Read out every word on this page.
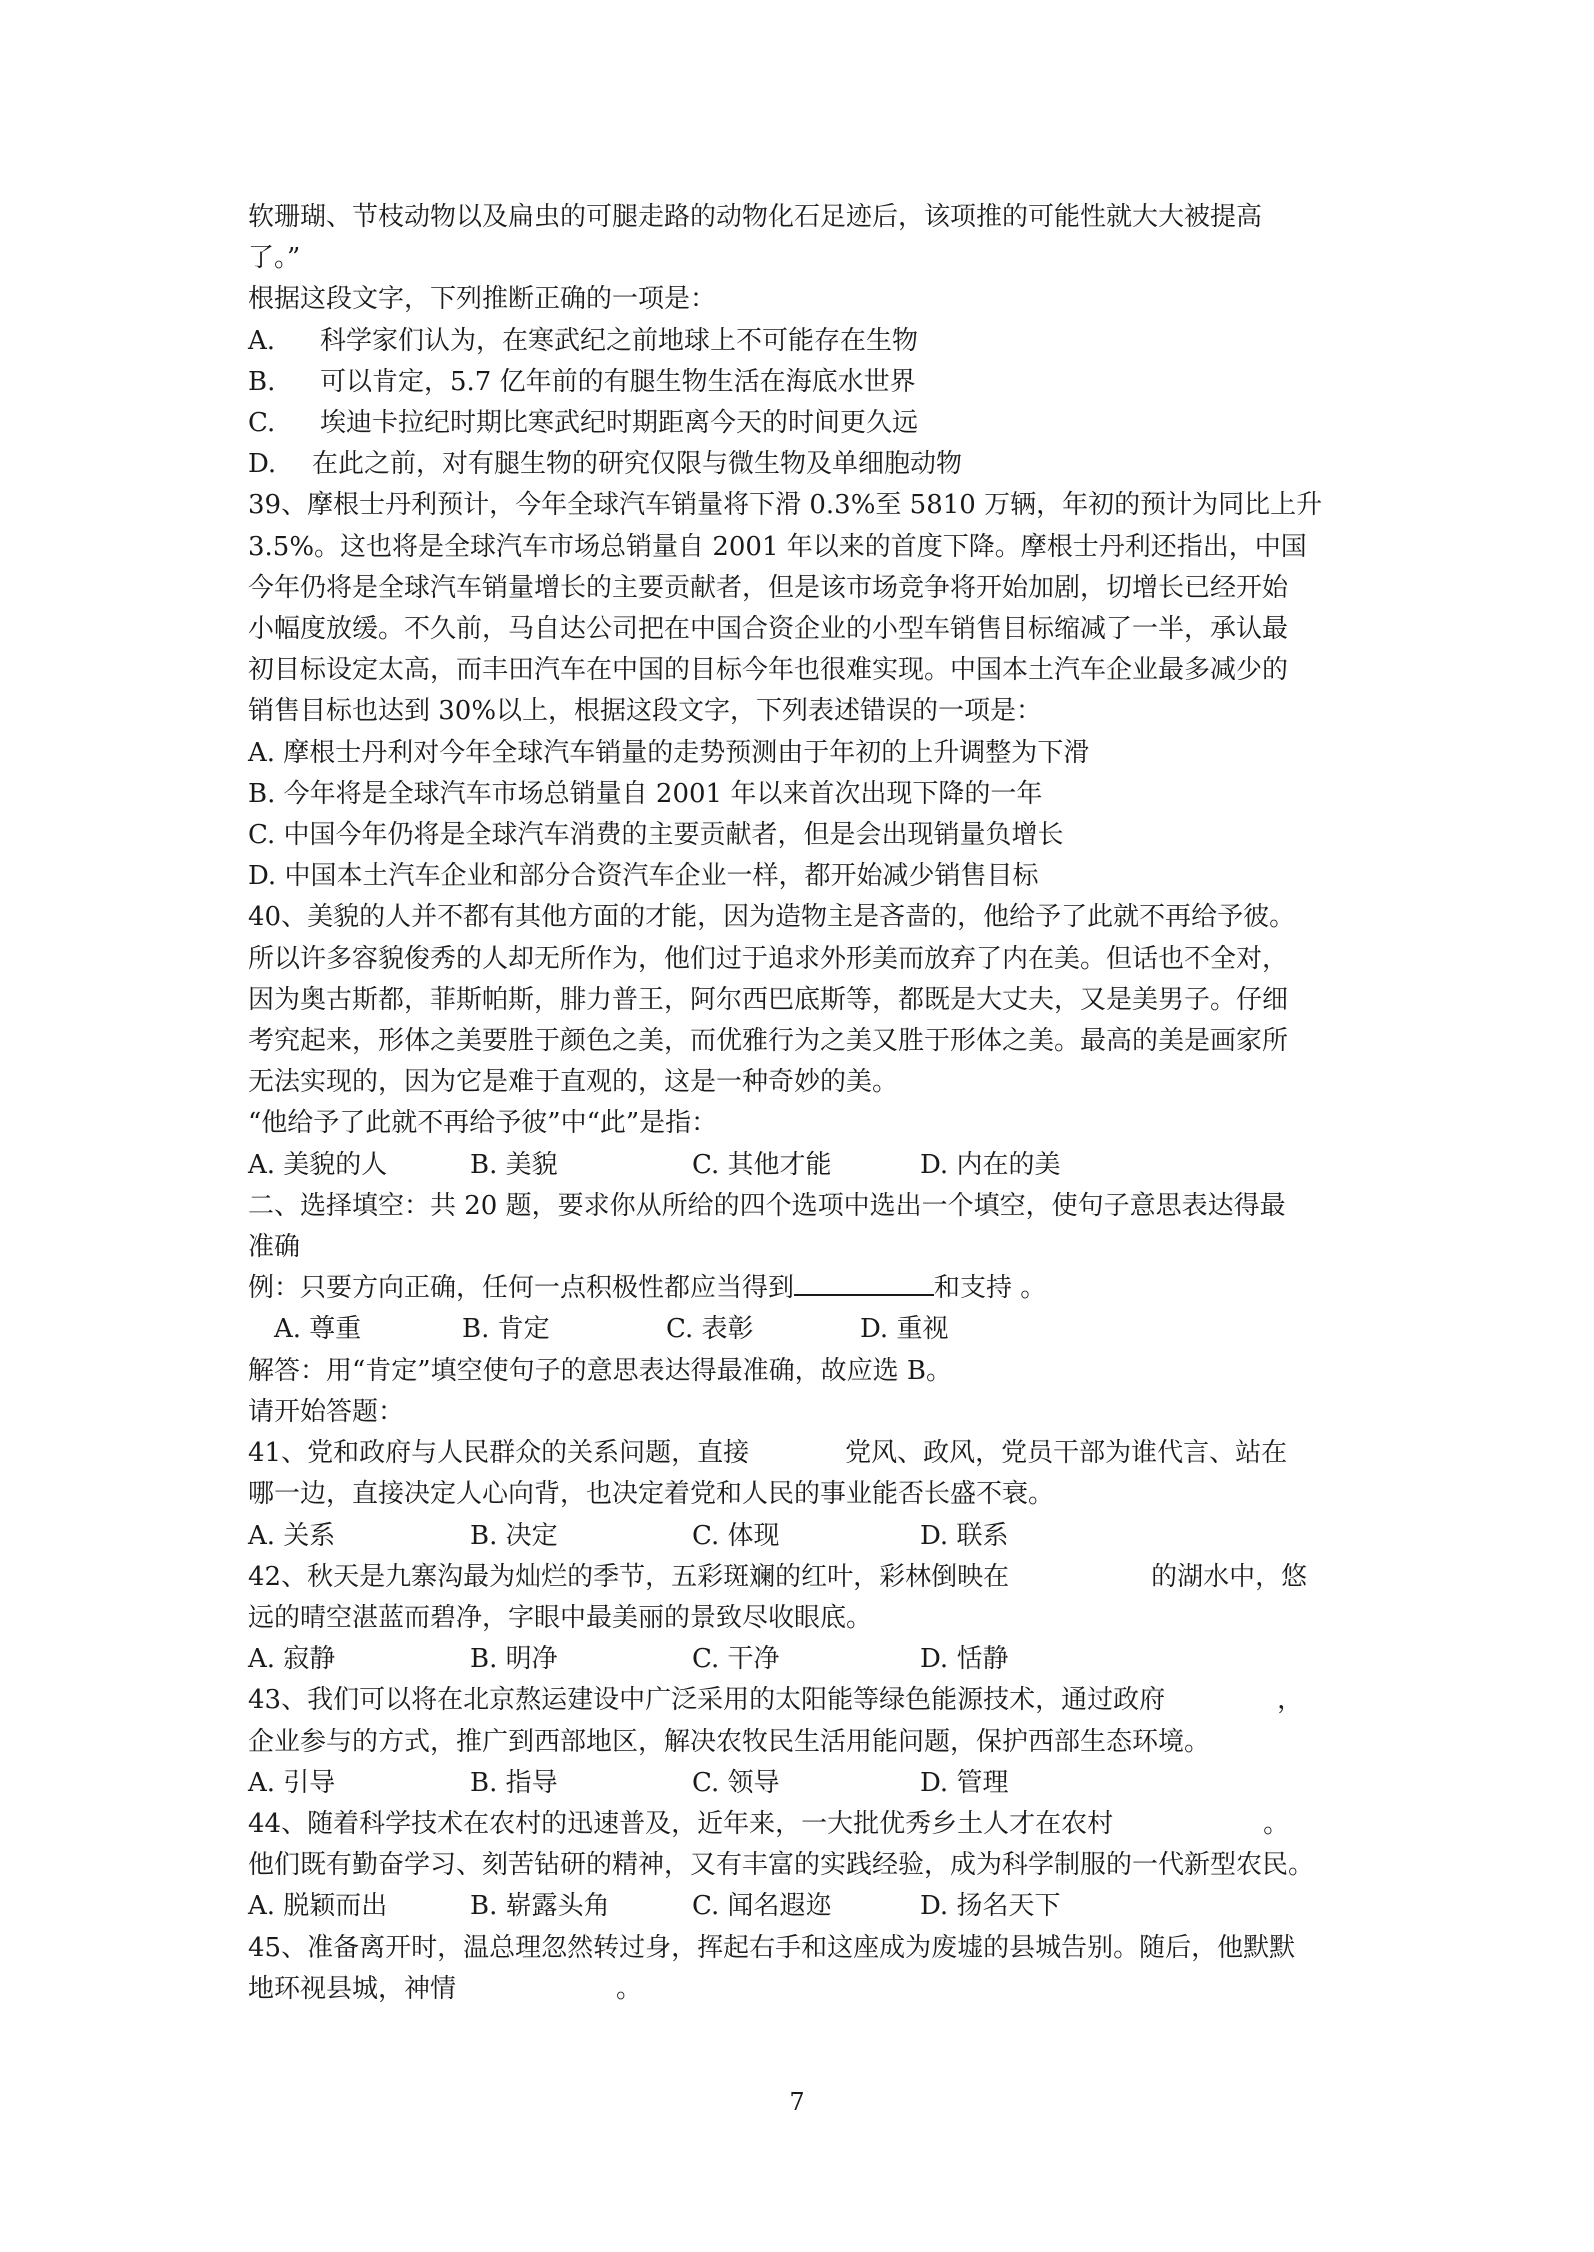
软珊瑚、节枝动物以及扁虫的可腿走路的动物化石足迹后，该项推的可能性就大大被提高
了。”
根据这段文字，下列推断正确的一项是：
A. 科学家们认为，在寒武纪之前地球上不可能存在生物
B. 可以肯定，5.7 亿年前的有腿生物生活在海底水世界
C. 埃迪卡拉纪时期比寒武纪时期距离今天的时间更久远
D. 在此之前，对有腿生物的研究仅限与微生物及单细胞动物
39、摩根士丹利预计，今年全球汽车销量将下滑 0.3%至 5810 万辆，年初的预计为同比上升
3.5%。这也将是全球汽车市场总销量自 2001 年以来的首度下降。摩根士丹利还指出，中国
今年仍将是全球汽车销量增长的主要贡献者，但是该市场竞争将开始加剧，切增长已经开始
小幅度放缓。不久前，马自达公司把在中国合资企业的小型车销售目标缩减了一半，承认最
初目标设定太高，而丰田汽车在中国的目标今年也很难实现。中国本土汽车企业最多减少的
销售目标也达到 30%以上，根据这段文字，下列表述错误的一项是：
A. 摩根士丹利对今年全球汽车销量的走势预测由于年初的上升调整为下滑
B. 今年将是全球汽车市场总销量自 2001 年以来首次出现下降的一年
C. 中国今年仍将是全球汽车消费的主要贡献者，但是会出现销量负增长
D. 中国本土汽车企业和部分合资汽车企业一样，都开始减少销售目标
40、美貌的人并不都有其他方面的才能，因为造物主是吝啬的，他给予了此就不再给予彼。
所以许多容貌俊秀的人却无所作为，他们过于追求外形美而放弃了内在美。但话也不全对，
因为奥古斯都，菲斯帕斯，腓力普王，阿尔西巴底斯等，都既是大丈夫，又是美男子。仔细
考究起来，形体之美要胜于颜色之美，而优雅行为之美又胜于形体之美。最高的美是画家所
无法实现的，因为它是难于直观的，这是一种奇妙的美。
“他给予了此就不再给予彼”中“此”是指：
A. 美貌的人	B. 美貌	C. 其他才能	D. 内在的美
二、选择填空：共 20 题，要求你从所给的四个选项中选出一个填空，使句子意思表达得最
准确
例：只要方向正确，任何一点积极性都应当得到	和支持 。
A. 尊重	B. 肯定	C. 表彰	D. 重视
解答：用“肯定”填空使句子的意思表达得最准确，故应选 B。
请开始答题：
41、党和政府与人民群众的关系问题，直接	党风、政风，党员干部为谁代言、站在
哪一边，直接决定人心向背，也决定着党和人民的事业能否长盛不衰。
A. 关系	B. 决定	C. 体现	D. 联系
42、秋天是九寨沟最为灿烂的季节，五彩斑斓的红叶，彩林倒映在	的湖水中，悠
远的晴空湛蓝而碧净，字眼中最美丽的景致尽收眼底。
A. 寂静	B. 明净	C. 干净	D. 恬静
43、我们可以将在北京熬运建设中广泛采用的太阳能等绿色能源技术，通过政府	，
企业参与的方式，推广到西部地区，解决农牧民生活用能问题，保护西部生态环境。
A. 引导	B. 指导	C. 领导	D. 管理
44、随着科学技术在农村的迅速普及，近年来，一大批优秀乡土人才在农村	。
他们既有勤奋学习、刻苦钻研的精神，又有丰富的实践经验，成为科学制服的一代新型农民。
A. 脱颖而出	B. 崭露头角	C. 闻名遐迩	D. 扬名天下
45、准备离开时，温总理忽然转过身，挥起右手和这座成为废墟的县城告别。随后，他默默
地环视县城，神情	。
7
